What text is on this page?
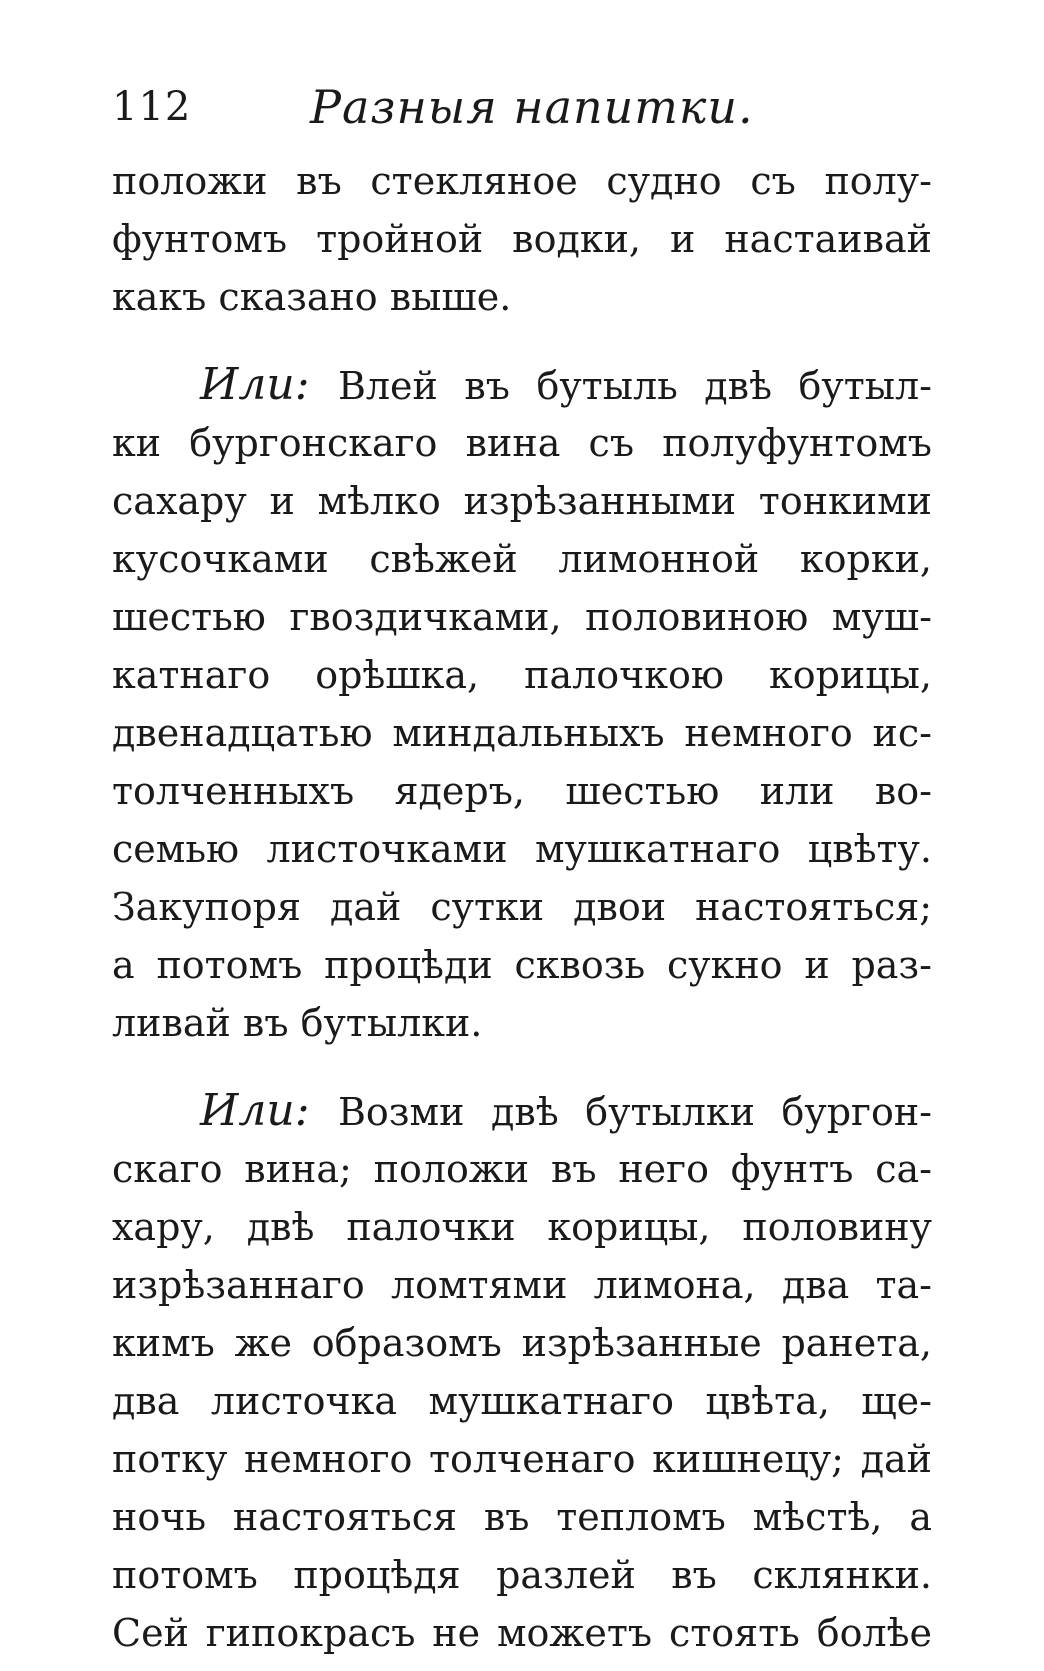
112	Разныя напитки.
положи въ стекляное судно съ полу-
фунтомъ тройной водки, и настаивай
какъ сказано выше.
Или: Влей въ бутыль двѣ бутыл-
ки бургонскаго вина съ полуфунтомъ
сахару и мѣлко изрѣзанными тонкими
кусочками свѣжей лимонной корки,
шестью гвоздичками, половиною муш-
катнаго орѣшка, палочкою корицы,
двенадцатью миндальныхъ немного ис-
толченныхъ ядеръ, шестью или во-
семью листочками мушкатнаго цвѣту.
Закупоря дай сутки двои настояться;
а потомъ процѣди сквозь сукно и раз-
ливай въ бутылки.
Или: Возми двѣ бутылки бургон-
скаго вина; положи въ него фунтъ са-
хару, двѣ палочки корицы, половину
изрѣзаннаго ломтями лимона, два та-
кимъ же образомъ изрѣзанные ранета,
два листочка мушкатнаго цвѣта, ще-
потку немного толченаго кишнецу; дай
ночь настояться въ тепломъ мѣстѣ, а
потомъ процѣдя разлей въ склянки.
Сей гипокрасъ не можетъ стоять болѣе
